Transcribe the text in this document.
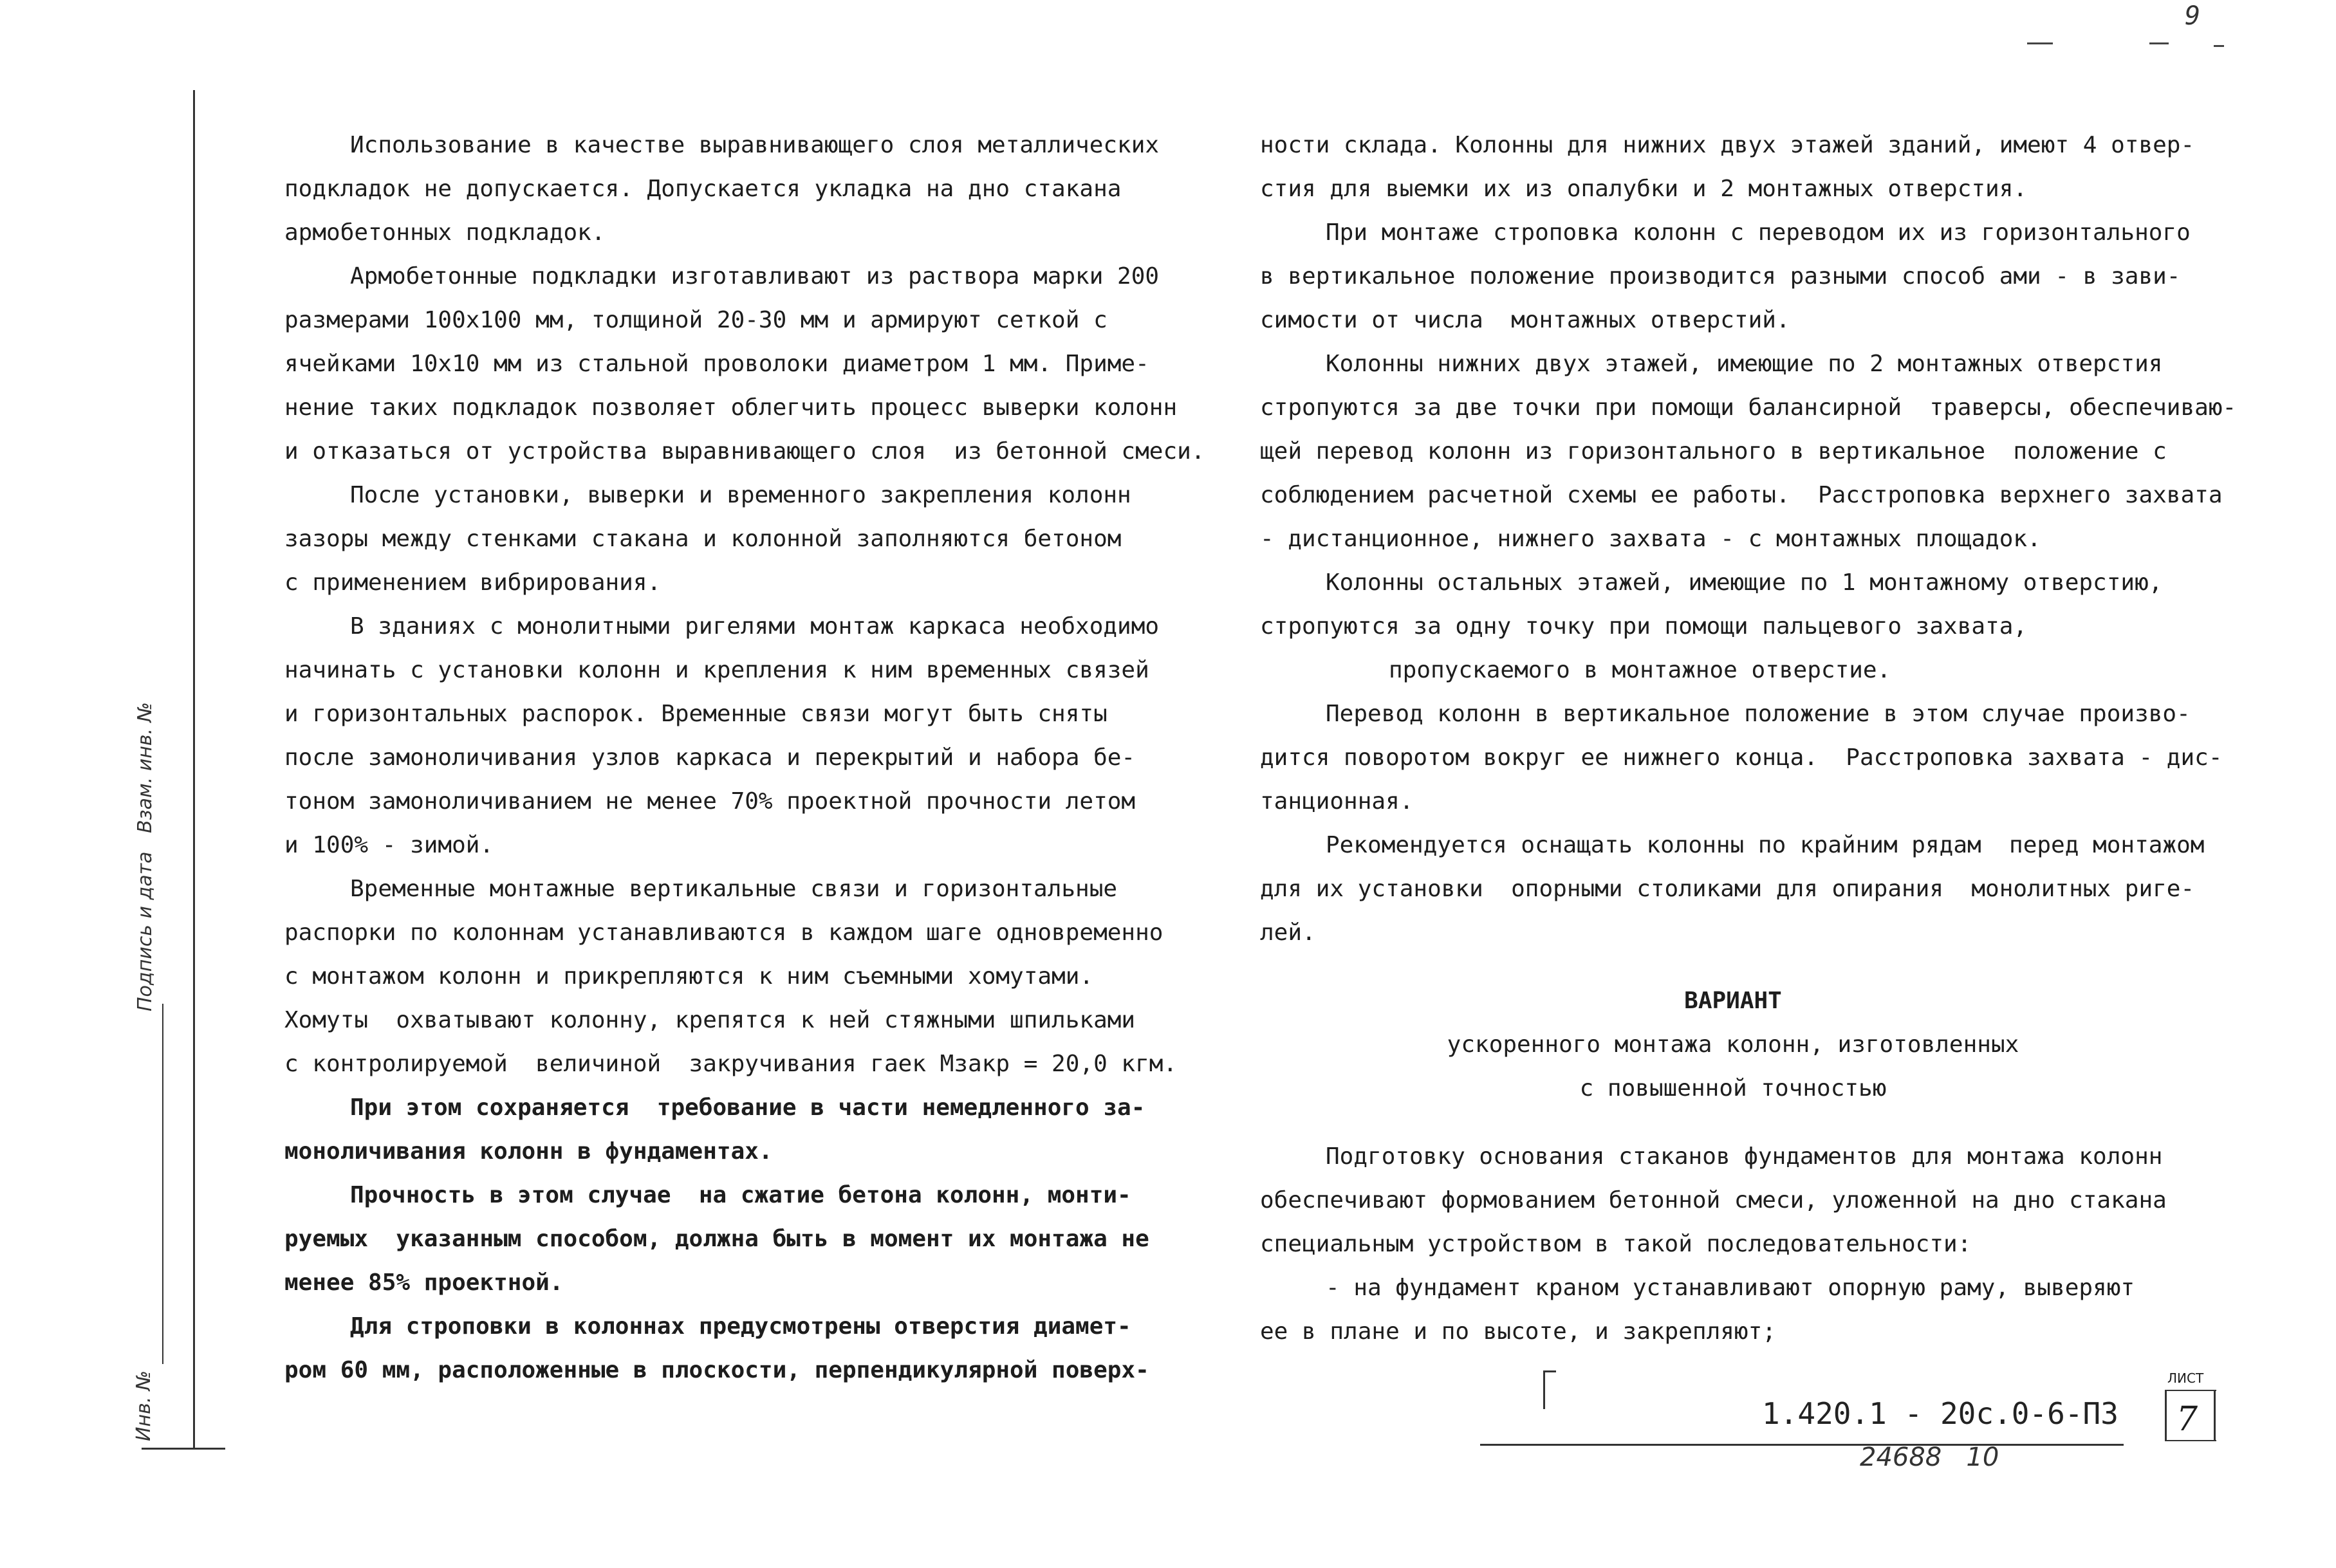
9
Подпись и дата   Взам. инв. №
Инв. №
Использование в качестве выравнивающего слоя металлических
подкладок не допускается. Допускается укладка на дно стакана
армобетонных подкладок.
Армобетонные подкладки изготавливают из раствора марки 200
размерами 100x100 мм, толщиной 20-30 мм и армируют сеткой с
ячейками 10x10 мм из стальной проволоки диаметром 1 мм. Приме-
нение таких подкладок позволяет облегчить процесс выверки колонн
и отказаться от устройства выравнивающего слоя  из бетонной смеси.
После установки, выверки и временного закрепления колонн
зазоры между стенками стакана и колонной заполняются бетоном
с применением вибрирования.
В зданиях с монолитными ригелями монтаж каркаса необходимо
начинать с установки колонн и крепления к ним временных связей
и горизонтальных распорок. Временные связи могут быть сняты
после замоноличивания узлов каркаса и перекрытий и набора бе-
тоном замоноличиванием не менее 70% проектной прочности летом
и 100% - зимой.
Временные монтажные вертикальные связи и горизонтальные
распорки по колоннам устанавливаются в каждом шаге одновременно
с монтажом колонн и прикрепляются к ним съемными хомутами.
Хомуты  охватывают колонну, крепятся к ней стяжными шпильками
с контролируемой  величиной  закручивания гаек Мзакр = 20,0 кгм.
При этом сохраняется  требование в части немедленного за-
моноличивания колонн в фундаментах.
Прочность в этом случае  на сжатие бетона колонн, монти-
руемых  указанным способом, должна быть в момент их монтажа не
менее 85% проектной.
Для строповки в колоннах предусмотрены отверстия диамет-
ром 60 мм, расположенные в плоскости, перпендикулярной поверх-
ности склада. Колонны для нижних двух этажей зданий, имеют 4 отвер-
стия для выемки их из опалубки и 2 монтажных отверстия.
При монтаже строповка колонн с переводом их из горизонтального
в вертикальное положение производится разными способ ами - в зави-
симости от числа  монтажных отверстий.
Колонны нижних двух этажей, имеющие по 2 монтажных отверстия
стропуются за две точки при помощи балансирной  траверсы, обеспечиваю-
щей перевод колонн из горизонтального в вертикальное  положение с
соблюдением расчетной схемы ее работы.  Расстроповка верхнего захвата
- дистанционное, нижнего захвата - с монтажных площадок.
Колонны остальных этажей, имеющие по 1 монтажному отверстию,
стропуются за одну точку при помощи пальцевого захвата,
пропускаемого в монтажное отверстие.
Перевод колонн в вертикальное положение в этом случае произво-
дится поворотом вокруг ее нижнего конца.  Расстроповка захвата - дис-
танционная.
Рекомендуется оснащать колонны по крайним рядам  перед монтажом
для их установки  опорными столиками для опирания  монолитных риге-
лей.
ВАРИАНТ
ускоренного монтажа колонн, изготовленных
с повышенной точностью
Подготовку основания стаканов фундаментов для монтажа колонн
обеспечивают формованием бетонной смеси, уложенной на дно стакана
специальным устройством в такой последовательности:
- на фундамент краном устанавливают опорную раму, выверяют
ее в плане и по высоте, и закрепляют;
1.420.1 - 20с.0-6-ПЗ
ЛИСТ
7
24688   10
